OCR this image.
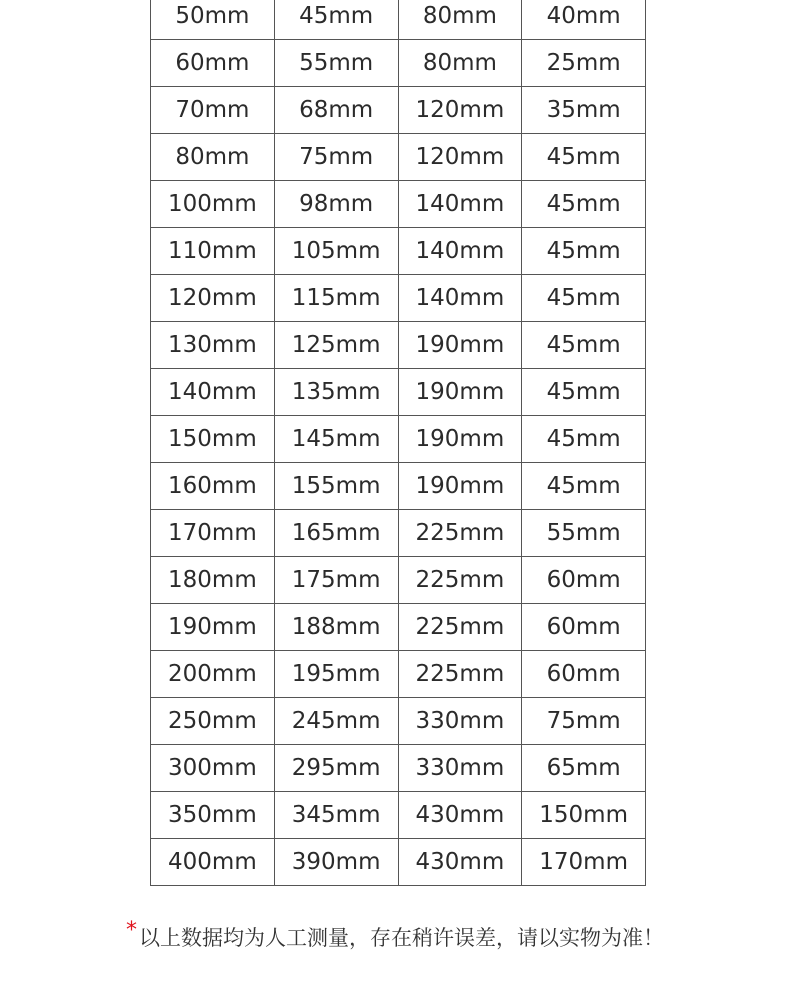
50mm	45mm	80mm	40mm
60mm	55mm	80mm	25mm
70mm	68mm	120mm	35mm
80mm	75mm	120mm	45mm
100mm	98mm	140mm	45mm
110mm	105mm	140mm	45mm
120mm	115mm	140mm	45mm
130mm	125mm	190mm	45mm
140mm	135mm	190mm	45mm
150mm	145mm	190mm	45mm
160mm	155mm	190mm	45mm
170mm	165mm	225mm	55mm
180mm	175mm	225mm	60mm
190mm	188mm	225mm	60mm
200mm	195mm	225mm	60mm
250mm	245mm	330mm	75mm
300mm	295mm	330mm	65mm
350mm	345mm	430mm	150mm
400mm	390mm	430mm	170mm
*以上数据均为人工测量，存在稍许误差，请以实物为准！
